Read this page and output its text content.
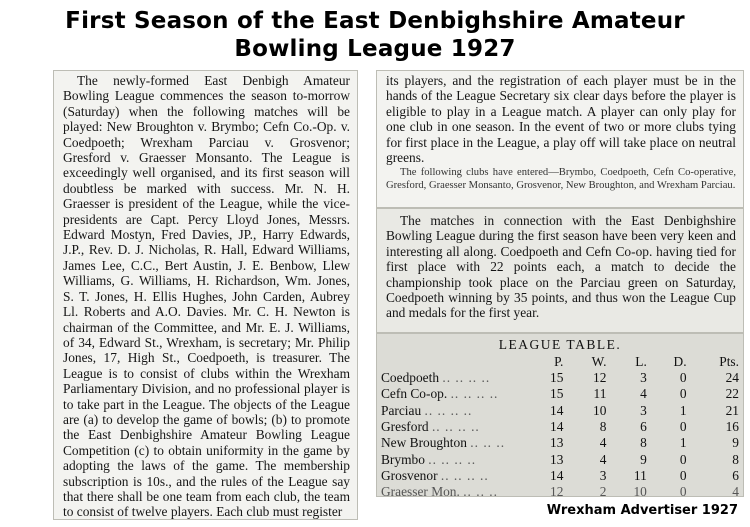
First Season of the East Denbighshire Amateur
Bowling League 1927

The newly-formed East Denbigh Amateur Bowling League commences the season to-morrow (Saturday) when the following matches will be played: New Broughton v. Brymbo; Cefn Co.-Op. v. Coedpoeth; Wrexham Parciau v. Grosvenor; Gresford v. Graesser Monsanto. The League is exceedingly well organised, and its first season will doubtless be marked with success. Mr. N. H. Graesser is president of the League, while the vice-presidents are Capt. Percy Lloyd Jones, Messrs. Edward Mostyn, Fred Davies, JP., Harry Edwards, J.P., Rev. D. J. Nicholas, R. Hall, Edward Williams, James Lee, C.C., Bert Austin, J. E. Benbow, Llew Williams, G. Williams, H. Richardson, Wm. Jones, S. T. Jones, H. Ellis Hughes, John Carden, Aubrey Ll. Roberts and A.O. Davies. Mr. C. H. Newton is chairman of the Committee, and Mr. E. J. Williams, of 34, Edward St., Wrexham, is secretary; Mr. Philip Jones, 17, High St., Coedpoeth, is treasurer. The League is to consist of clubs within the Wrexham Parliamentary Division, and no professional player is to take part in the League. The objects of the League are (a) to develop the game of bowls; (b) to promote the East Denbighshire Amateur Bowling League Competition (c) to obtain uniformity in the game by adopting the laws of the game. The membership subscription is 10s., and the rules of the League say that there shall be one team from each club, the team to consist of twelve players. Each club must register

its players, and the registration of each player must be in the hands of the League Secretary six clear days before the player is eligible to play in a League match. A player can only play for one club in one season. In the event of two or more clubs tying for first place in the League, a play off will take place on neutral greens.

The following clubs have entered—Brymbo, Coedpoeth, Cefn Co-operative, Gresford, Graesser Monsanto, Grosvenor, New Broughton, and Wrexham Parciau.

The matches in connection with the East Denbighshire Bowling League during the first season have been very keen and interesting all along. Coedpoeth and Cefn Co-op. having tied for first place with 22 points each, a match to decide the championship took place on the Parciau green on Saturday, Coedpoeth winning by 35 points, and thus won the League Cup and medals for the first year.

LEAGUE TABLE.
	P.	W.	L.	D.	Pts.
Coedpoeth .. .. .. ..	15	12	3	0	24
Cefn Co-op. .. .. .. ..	15	11	4	0	22
Parciau .. .. .. ..	14	10	3	1	21
Gresford .. .. .. ..	14	8	6	0	16
New Broughton .. .. ..	13	4	8	1	9
Brymbo .. .. .. ..	13	4	9	0	8
Grosvenor .. .. .. ..	14	3	11	0	6
Graesser Mon. .. .. ..	12	2	10	0	4
Wrexham Advertiser 1927
